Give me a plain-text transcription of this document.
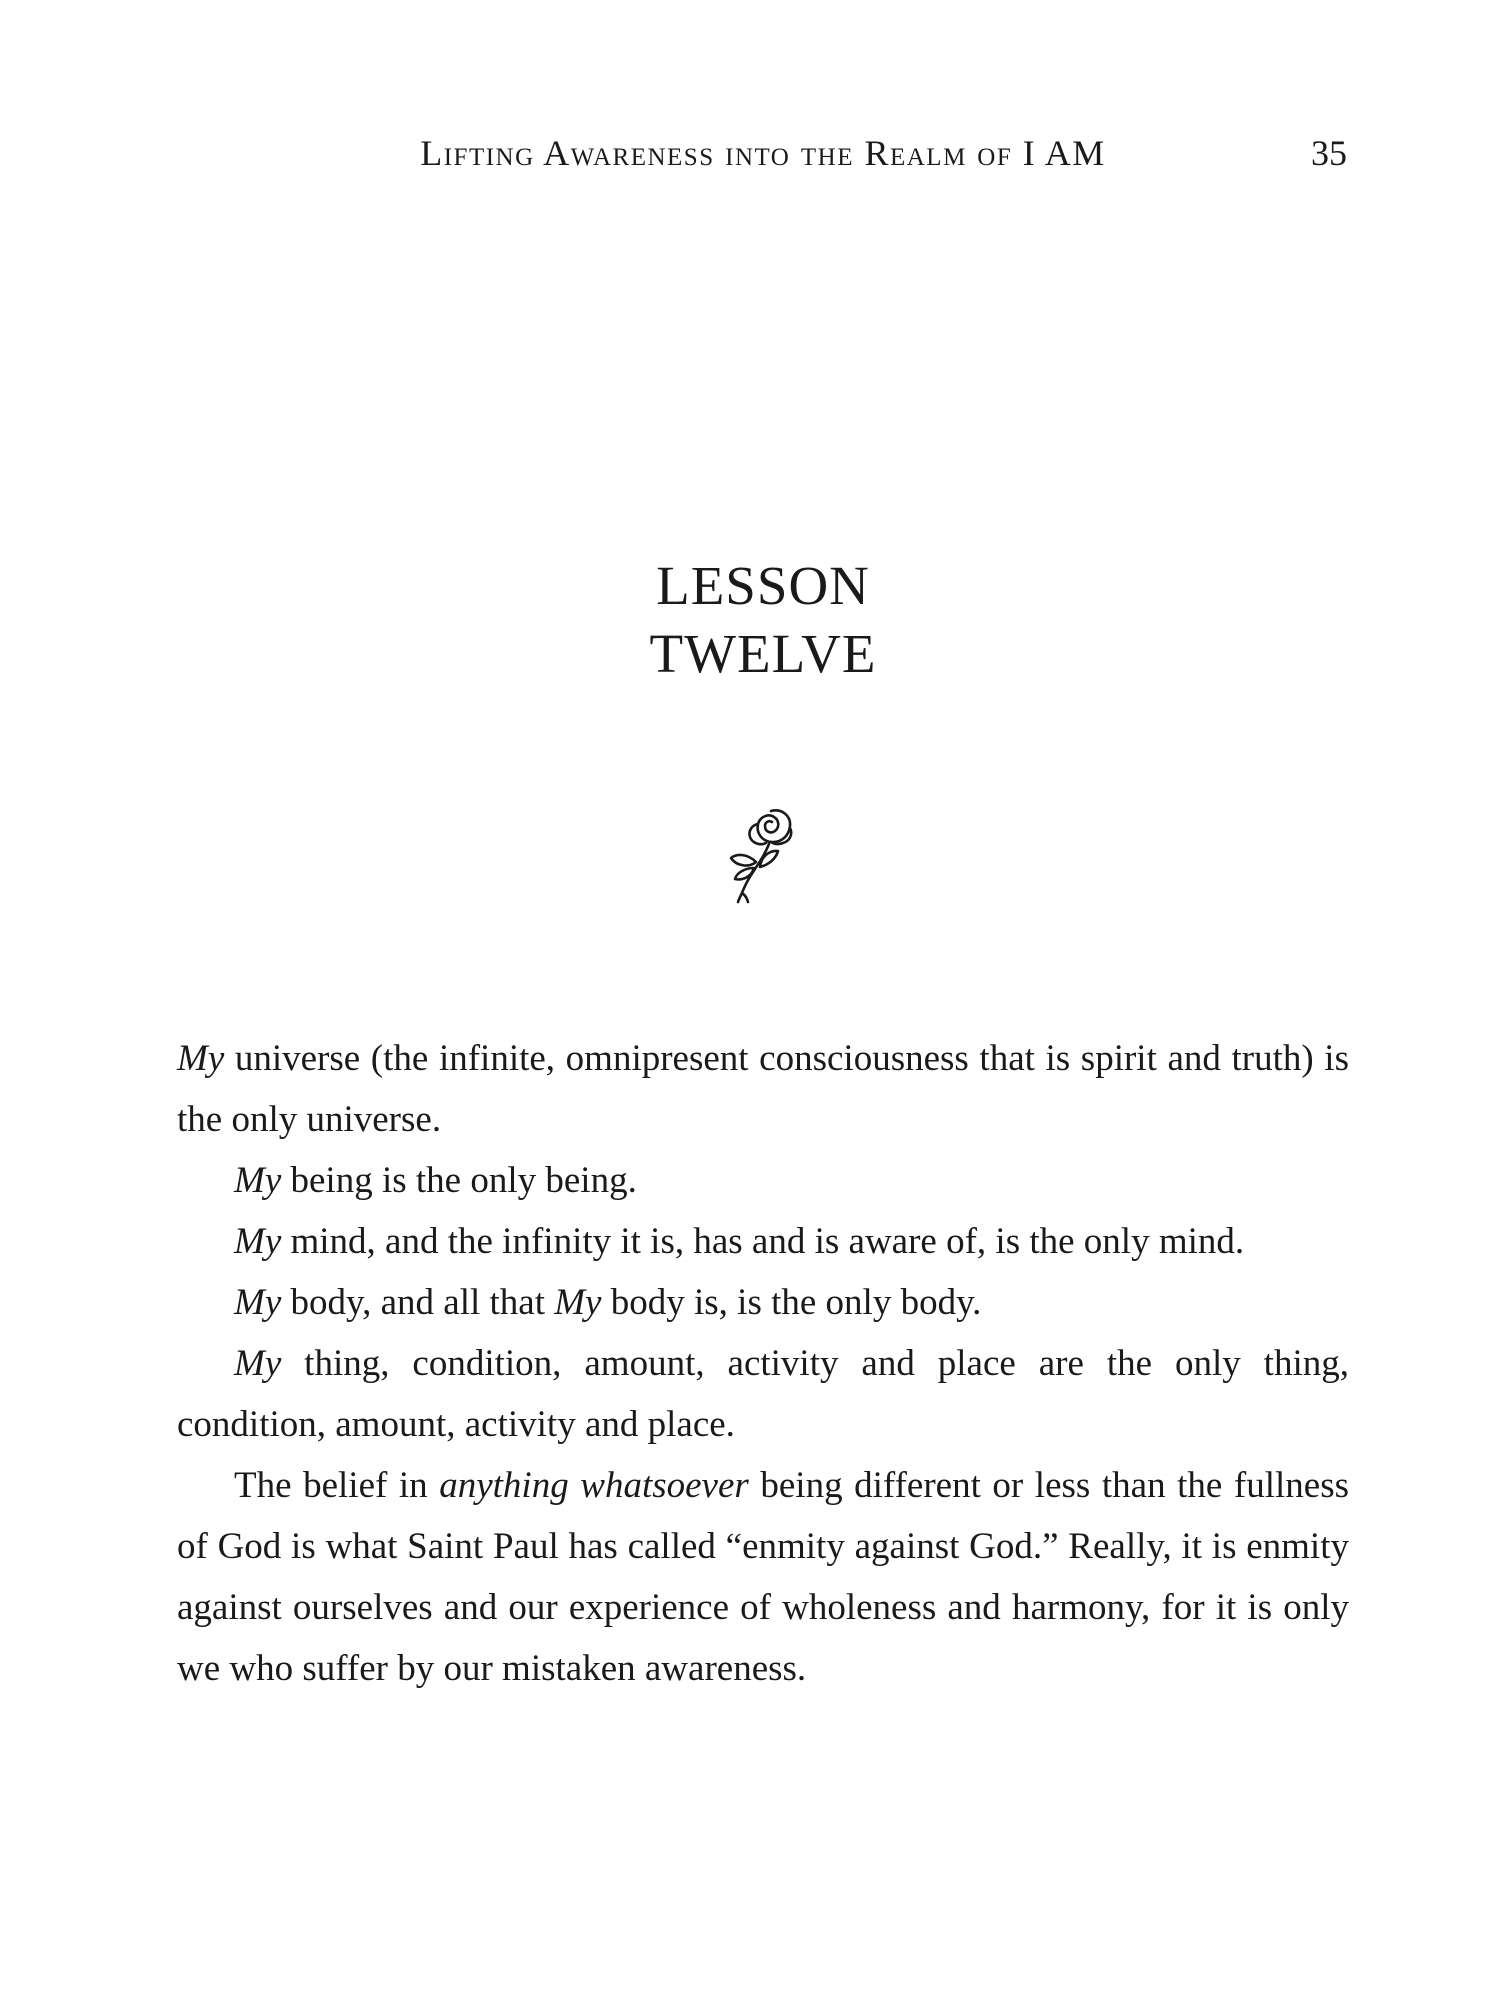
Lifting Awareness into the Realm of I AM	35
LESSON
TWELVE

My universe (the infinite, omnipresent consciousness that is spirit and truth) is the only universe.

My being is the only being.

My mind, and the infinity it is, has and is aware of, is the only mind.

My body, and all that My body is, is the only body.

My thing, condition, amount, activity and place are the only thing, condition, amount, activity and place.

The belief in anything whatsoever being different or less than the fullness of God is what Saint Paul has called “enmity against God.” Really, it is enmity against ourselves and our experience of wholeness and harmony, for it is only we who suffer by our mistaken awareness.
